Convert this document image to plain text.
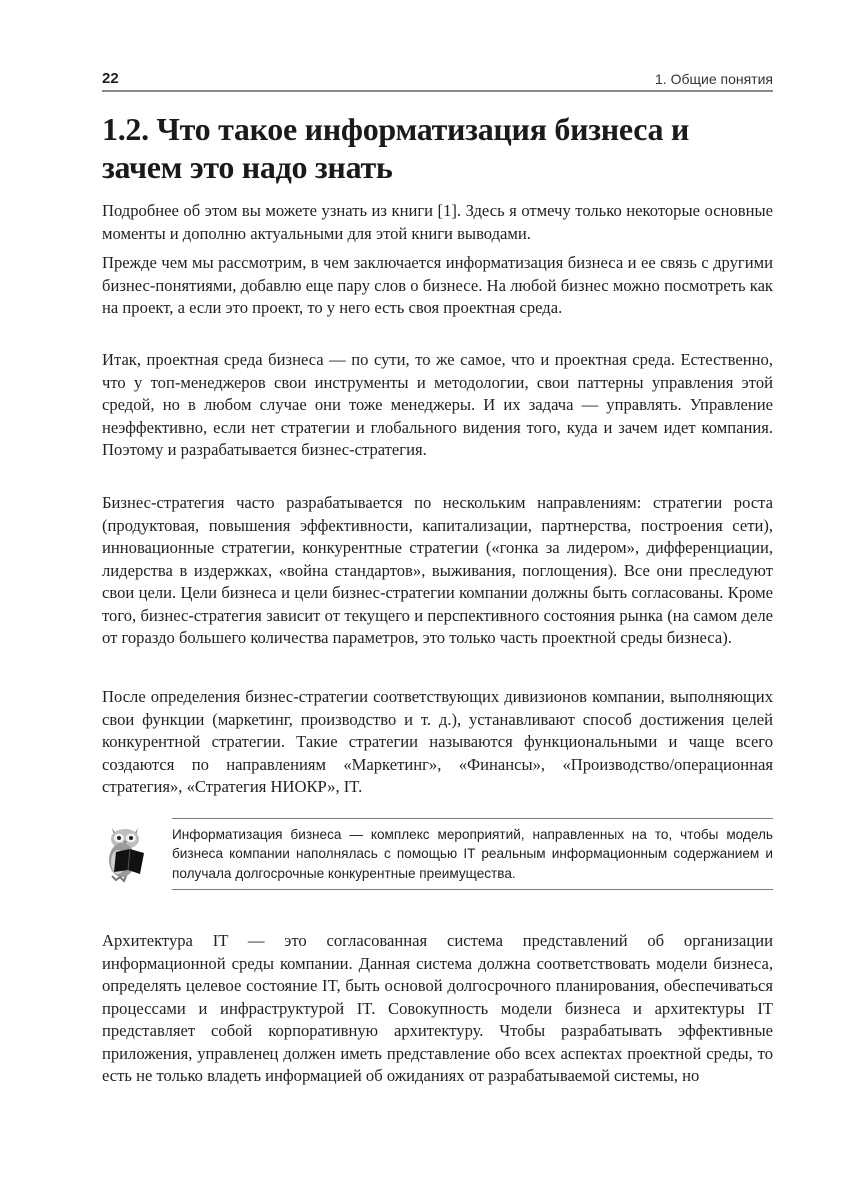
22	1. Общие понятия
1.2. Что такое информатизация бизнеса и зачем это надо знать

Подробнее об этом вы можете узнать из книги [1]. Здесь я отмечу только некоторые основные моменты и дополню актуальными для этой книги выводами.

Прежде чем мы рассмотрим, в чем заключается информатизация бизнеса и ее связь с другими бизнес-понятиями, добавлю еще пару слов о бизнесе. На любой бизнес можно посмотреть как на проект, а если это проект, то у него есть своя проектная среда.

Итак, проектная среда бизнеса — по сути, то же самое, что и проектная среда. Естественно, что у топ-менеджеров свои инструменты и методологии, свои паттерны управления этой средой, но в любом случае они тоже менеджеры. И их задача — управлять. Управление неэффективно, если нет стратегии и глобального видения того, куда и зачем идет компания. Поэтому и разрабатывается бизнес-стратегия.

Бизнес-стратегия часто разрабатывается по нескольким направлениям: стратегии роста (продуктовая, повышения эффективности, капитализации, партнерства, построения сети), инновационные стратегии, конкурентные стратегии («гонка за лидером», дифференциации, лидерства в издержках, «война стандартов», выживания, поглощения). Все они преследуют свои цели. Цели бизнеса и цели бизнес-стратегии компании должны быть согласованы. Кроме того, бизнес-стратегия зависит от текущего и перспективного состояния рынка (на самом деле от гораздо большего количества параметров, это только часть проектной среды бизнеса).

После определения бизнес-стратегии соответствующих дивизионов компании, выполняющих свои функции (маркетинг, производство и т. д.), устанавливают способ достижения целей конкурентной стратегии. Такие стратегии называются функциональными и чаще всего создаются по направлениям «Маркетинг», «Финансы», «Производство/операционная стратегия», «Стратегия НИОКР», IT.

Информатизация бизнеса — комплекс мероприятий, направленных на то, чтобы модель бизнеса компании наполнялась с помощью IT реальным информационным содержанием и получала долгосрочные конкурентные преимущества.

Архитектура IT — это согласованная система представлений об организации информационной среды компании. Данная система должна соответствовать модели бизнеса, определять целевое состояние IT, быть основой долгосрочного планирования, обеспечиваться процессами и инфраструктурой IT. Совокупность модели бизнеса и архитектуры IT представляет собой корпоративную архитектуру. Чтобы разрабатывать эффективные приложения, управленец должен иметь представление обо всех аспектах проектной среды, то есть не только владеть информацией об ожиданиях от разрабатываемой системы, но
